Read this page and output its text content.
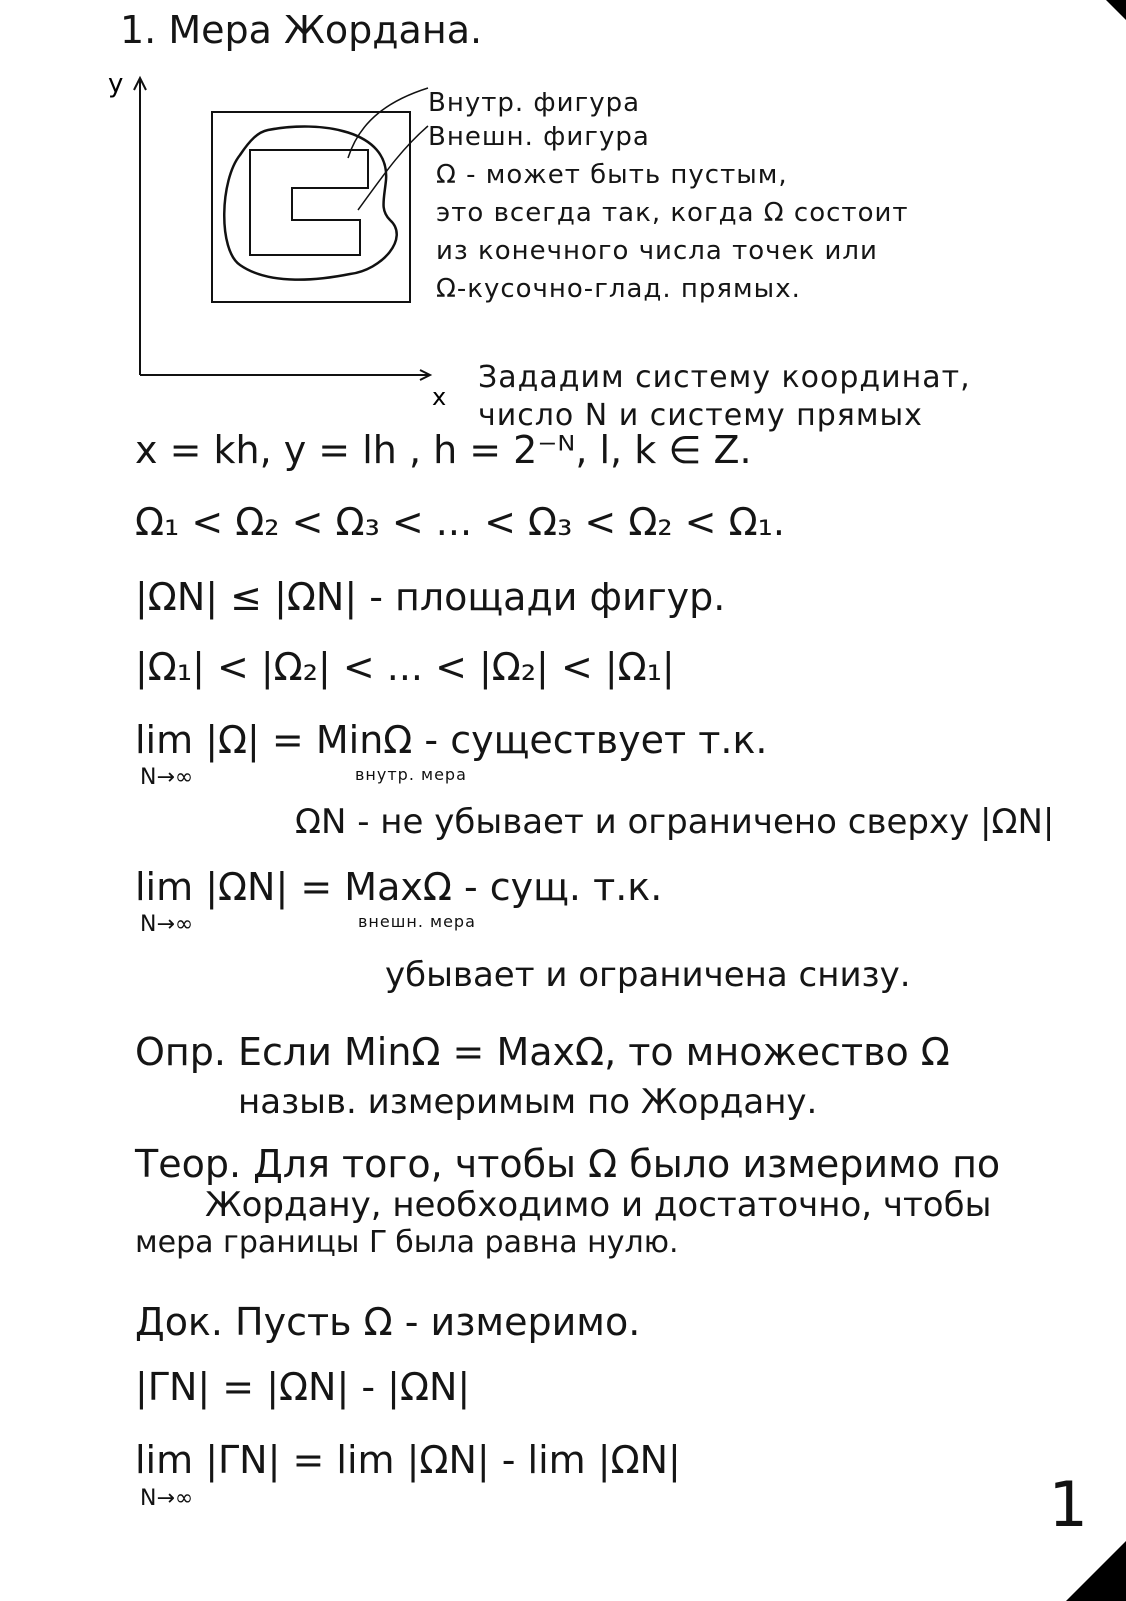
1. Мера Жордана.
y
x
Внутр. фигура
Внешн. фигура
Ω - может быть пустым,
это всегда так, когда Ω состоит
из конечного числа точек или
Ω-кусочно-глад. прямых.
Зададим систему координат,
число N и систему прямых
x = kh, y = lh , h = 2⁻ᴺ, l, k ∈ Z.
Ω₁ < Ω₂ < Ω₃ < ... < Ω₃ < Ω₂ < Ω₁.
|ΩN| ≤ |ΩN| - площади фигур.
|Ω₁| < |Ω₂| < ... < |Ω₂| < |Ω₁|
lim |Ω| = MinΩ - существует т.к.
N→∞	внутр. мера
ΩN - не убывает и ограничено сверху |ΩN|
lim |ΩN| = MaxΩ - сущ. т.к.
N→∞	внешн. мера
убывает и ограничена снизу.
Опр. Если MinΩ = MaxΩ, то множество Ω
назыв. измеримым по Жордану.
Теор. Для того, чтобы Ω было измеримо по
Жордану, необходимо и достаточно, чтобы
мера границы Γ была равна нулю.
Док. Пусть Ω - измеримо.
|ΓN| = |ΩN| - |ΩN|
lim |ΓN| = lim |ΩN| - lim |ΩN|
N→∞	1
